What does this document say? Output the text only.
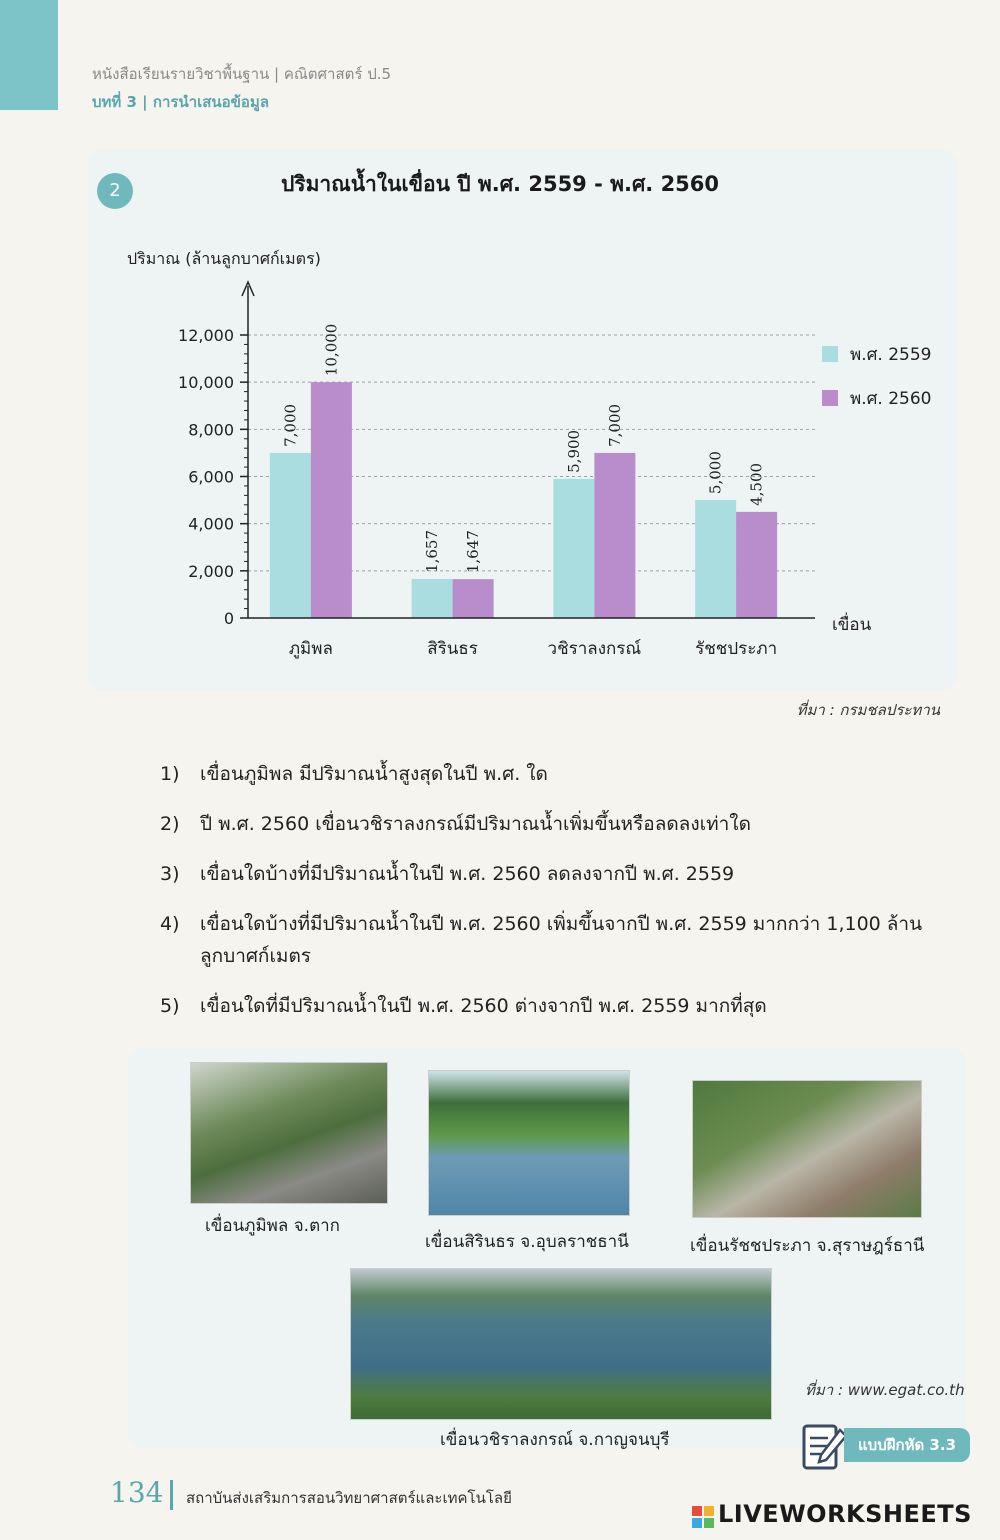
หนังสือเรียนรายวิชาพื้นฐาน | คณิตศาสตร์ ป.5
บทที่ 3 | การนำเสนอข้อมูล
2	ปริมาณน้ำในเขื่อน ปี พ.ศ. 2559 - พ.ศ. 2560
ปริมาณ (ล้านลูกบาศก์เมตร)
เขื่อน
0
2,000
4,000
6,000
8,000
10,000
12,000
ภูมิพล	สิรินธร	วชิราลงกรณ์	รัชชประภา
7,000
10,000
1,657 1,647
5,900
7,000
5,000 4,500
พ.ศ. 2559
พ.ศ. 2560
ที่มา : กรมชลประทาน
1) เขื่อนภูมิพล มีปริมาณน้ำสูงสุดในปี พ.ศ. ใด
2) ปี พ.ศ. 2560 เขื่อนวชิราลงกรณ์มีปริมาณน้ำเพิ่มขึ้นหรือลดลงเท่าใด
3) เขื่อนใดบ้างที่มีปริมาณน้ำในปี พ.ศ. 2560 ลดลงจากปี พ.ศ. 2559
4) เขื่อนใดบ้างที่มีปริมาณน้ำในปี พ.ศ. 2560 เพิ่มขึ้นจากปี พ.ศ. 2559 มากกว่า 1,100 ล้านลูกบาศก์เมตร
5) เขื่อนใดที่มีปริมาณน้ำในปี พ.ศ. 2560 ต่างจากปี พ.ศ. 2559 มากที่สุด
เขื่อนภูมิพล จ.ตาก
เขื่อนสิรินธร จ.อุบลราชธานี	เขื่อนรัชชประภา จ.สุราษฎร์ธานี
เขื่อนวชิราลงกรณ์ จ.กาญจนบุรี
ที่มา : www.egat.co.th
แบบฝึกหัด 3.3
134 สถาบันส่งเสริมการสอนวิทยาศาสตร์และเทคโนโลยี
LIVEWORKSHEETS
